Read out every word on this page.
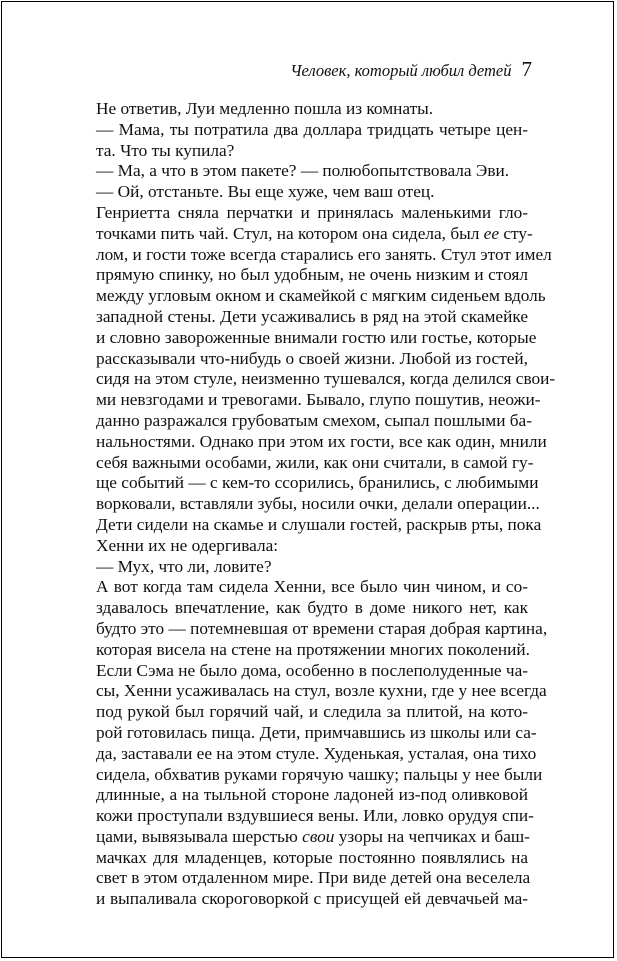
Человек, который любил детей 7
Не ответив, Луи медленно пошла из комнаты.
— Мама, ты потратила два доллара тридцать четыре цен-
та. Что ты купила?
— Ма, а что в этом пакете? — полюбопытствовала Эви.
— Ой, отстаньте. Вы еще хуже, чем ваш отец.
Генриетта сняла перчатки и принялась маленькими гло-
точками пить чай. Стул, на котором она сидела, был ее сту-
лом, и гости тоже всегда старались его занять. Стул этот имел
прямую спинку, но был удобным, не очень низким и стоял
между угловым окном и скамейкой с мягким сиденьем вдоль
западной стены. Дети усаживались в ряд на этой скамейке
и словно завороженные внимали гостю или гостье, которые
рассказывали что-нибудь о своей жизни. Любой из гостей,
сидя на этом стуле, неизменно тушевался, когда делился свои-
ми невзгодами и тревогами. Бывало, глупо пошутив, неожи-
данно разражался грубоватым смехом, сыпал пошлыми ба-
нальностями. Однако при этом их гости, все как один, мнили
себя важными особами, жили, как они считали, в самой гу-
ще событий — с кем-то ссорились, бранились, с любимыми
ворковали, вставляли зубы, носили очки, делали операции...
Дети сидели на скамье и слушали гостей, раскрыв рты, пока
Хенни их не одергивала:
— Мух, что ли, ловите?
А вот когда там сидела Хенни, все было чин чином, и со-
здавалось впечатление, как будто в доме никого нет, как
будто это — потемневшая от времени старая добрая картина,
которая висела на стене на протяжении многих поколений.
Если Сэма не было дома, особенно в послеполуденные ча-
сы, Хенни усаживалась на стул, возле кухни, где у нее всегда
под рукой был горячий чай, и следила за плитой, на кото-
рой готовилась пища. Дети, примчавшись из школы или са-
да, заставали ее на этом стуле. Худенькая, усталая, она тихо
сидела, обхватив руками горячую чашку; пальцы у нее были
длинные, а на тыльной стороне ладоней из-под оливковой
кожи проступали вздувшиеся вены. Или, ловко орудуя спи-
цами, вывязывала шерстью свои узоры на чепчиках и баш-
мачках для младенцев, которые постоянно появлялись на
свет в этом отдаленном мире. При виде детей она веселела
и выпаливала скороговоркой с присущей ей девчачьей ма-
